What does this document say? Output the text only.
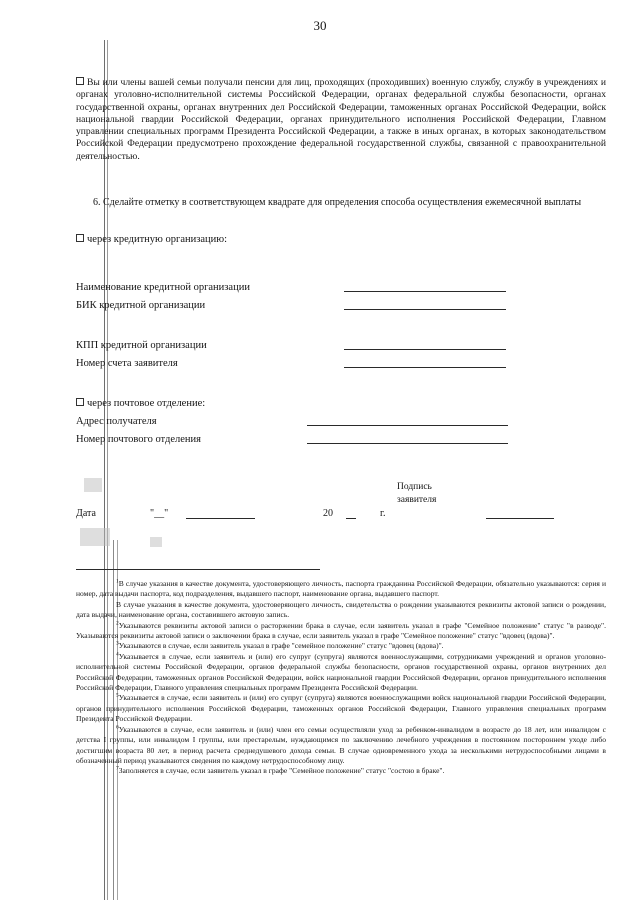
30

Вы или члены вашей семьи получали пенсии для лиц, проходящих (проходивших) военную службу, службу в учреждениях и органах уголовно-исполнительной системы Российской Федерации, органах федеральной службы безопасности, органах государственной охраны, органах внутренних дел Российской Федерации, таможенных органах Российской Федерации, войск национальной гвардии Российской Федерации, органах принудительного исполнения Российской Федерации, Главном управлении специальных программ Президента Российской Федерации, а также в иных органах, в которых законодательством Российской Федерации предусмотрено прохождение федеральной государственной службы, связанной с правоохранительной деятельностью.

6. Сделайте отметку в соответствующем квадрате для определения способа осуществления ежемесячной выплаты
через кредитную организацию:
Наименование кредитной организации
БИК кредитной организации
КПП кредитной организации
Номер счета заявителя
через почтовое отделение:
Адрес получателя
Номер почтового отделения
Подпись
заявителя
Дата	"__"	20	г.

$^1$В случае указания в качестве документа, удостоверяющего личность, паспорта гражданина Российской Федерации, обязательно указываются: серия и номер, дата выдачи паспорта, код подразделения, выдавшего паспорт, наименование органа, выдавшего паспорт.

В случае указания в качестве документа, удостоверяющего личность, свидетельства о рождении указываются реквизиты актовой записи о рождении, дата выдачи, наименование органа, составившего актовую запись.

$^2$Указываются реквизиты актовой записи о расторжении брака в случае, если заявитель указал в графе "Семейное положение" статус "в разводе". Указываются реквизиты актовой записи о заключении брака в случае, если заявитель указал в графе "Семейное положение" статус "вдовец (вдова)".

$^3$Указываются в случае, если заявитель указал в графе "семейное положение" статус "вдовец (вдова)".

$^4$Указывается в случае, если заявитель и (или) его супруг (супруга) являются военнослужащими, сотрудниками учреждений и органов уголовно-исполнительной системы Российской Федерации, органов федеральной службы безопасности, органов государственной охраны, органов внутренних дел Российской Федерации, таможенных органов Российской Федерации, войск национальной гвардии Российской Федерации, органов принудительного исполнения Российской Федерации, Главного управления специальных программ Президента Российской Федерации.

$^5$Указывается в случае, если заявитель и (или) его супруг (супруга) являются военнослужащими войск национальной гвардии Российской Федерации, органов принудительного исполнения Российской Федерации, таможенных органов Российской Федерации, Главного управления специальных программ Президента Российской Федерации.

$^6$Указываются в случае, если заявитель и (или) член его семьи осуществляли уход за ребенком-инвалидом в возрасте до 18 лет, или инвалидом с детства I группы, или инвалидом I группы, или престарелым, нуждающимся по заключению лечебного учреждения в постоянном постороннем уходе либо достигшим возраста 80 лет, в период расчета среднедушевого дохода семьи. В случае одновременного ухода за несколькими нетрудоспособными лицами в обозначенный период указываются сведения по каждому нетрудоспособному лицу.

$^7$Заполняется в случае, если заявитель указал в графе "Семейное положение" статус "состою в браке".
